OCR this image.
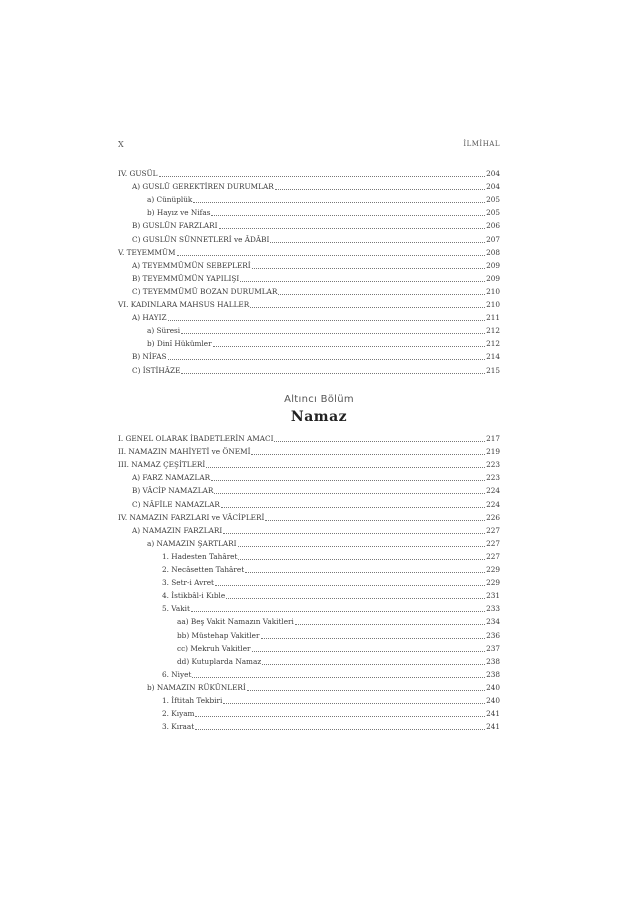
X	İLMİHAL
IV. GUSÜL	204
A) GUSLÜ GEREKTİREN DURUMLAR	204
a) Cünüplük	205
b) Hayız ve Nifas	205
B) GUSLÜN FARZLARI	206
C) GUSLÜN SÜNNETLERİ ve ÂDÂBI	207
V. TEYEMMÜM	208
A) TEYEMMÜMÜN SEBEPLERİ	209
B) TEYEMMÜMÜN YAPILIŞI	209
C) TEYEMMÜMÜ BOZAN DURUMLAR	210
VI. KADINLARA MAHSUS HALLER	210
A) HAYIZ	211
a) Süresi	212
b) Dinî Hükümler	212
B) NİFAS	214
C) İSTİHÂZE	215
Altıncı Bölüm
Namaz
I. GENEL OLARAK İBADETLERİN AMACI	217
II. NAMAZIN MAHİYETİ ve ÖNEMİ	219
III. NAMAZ ÇEŞİTLERİ	223
A) FARZ NAMAZLAR	223
B) VÂCİP NAMAZLAR	224
C) NÂFİLE NAMAZLAR	224
IV. NAMAZIN FARZLARI ve VÂCİPLERİ	226
A) NAMAZIN FARZLARI	227
a) NAMAZIN ŞARTLARI	227
1. Hadesten Tahâret	227
2. Necâsetten Tahâret	229
3. Setr-i Avret	229
4. İstikbâl-i Kıble	231
5. Vakit	233
aa) Beş Vakit Namazın Vakitleri	234
bb) Müstehap Vakitler	236
cc) Mekruh Vakitler	237
dd) Kutuplarda Namaz	238
6. Niyet	238
b) NAMAZIN RÜKÜNLERİ	240
1. İftitah Tekbiri	240
2. Kıyam	241
3. Kıraat	241
